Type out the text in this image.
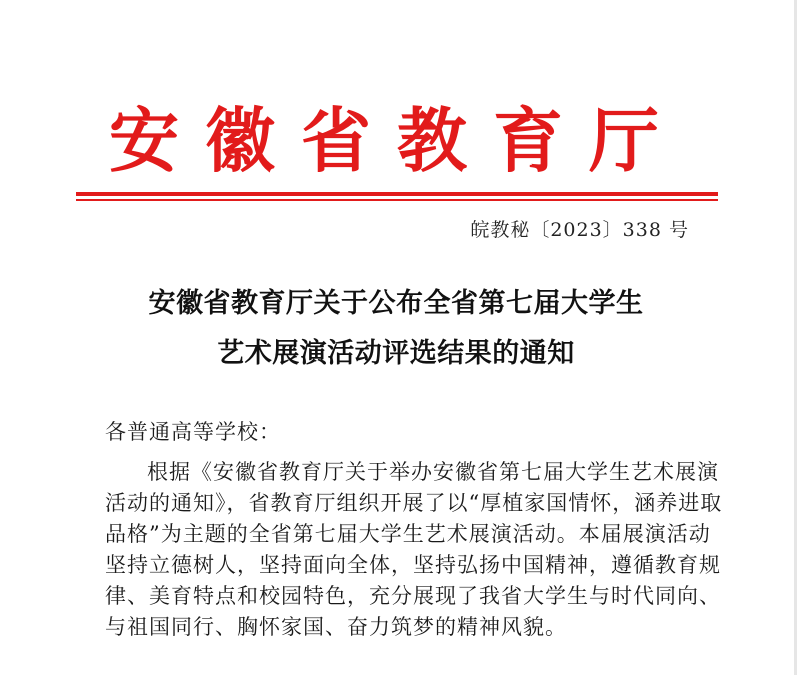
安徽省教育厅
皖教秘〔2023〕338 号
安徽省教育厅关于公布全省第七届大学生
艺术展演活动评选结果的通知
各普通高等学校：
根据《安徽省教育厅关于举办安徽省第七届大学生艺术展演
活动的通知》，省教育厅组织开展了以“厚植家国情怀，涵养进取
品格”为主题的全省第七届大学生艺术展演活动。本届展演活动
坚持立德树人，坚持面向全体，坚持弘扬中国精神，遵循教育规
律、美育特点和校园特色，充分展现了我省大学生与时代同向、
与祖国同行、胸怀家国、奋力筑梦的精神风貌。
